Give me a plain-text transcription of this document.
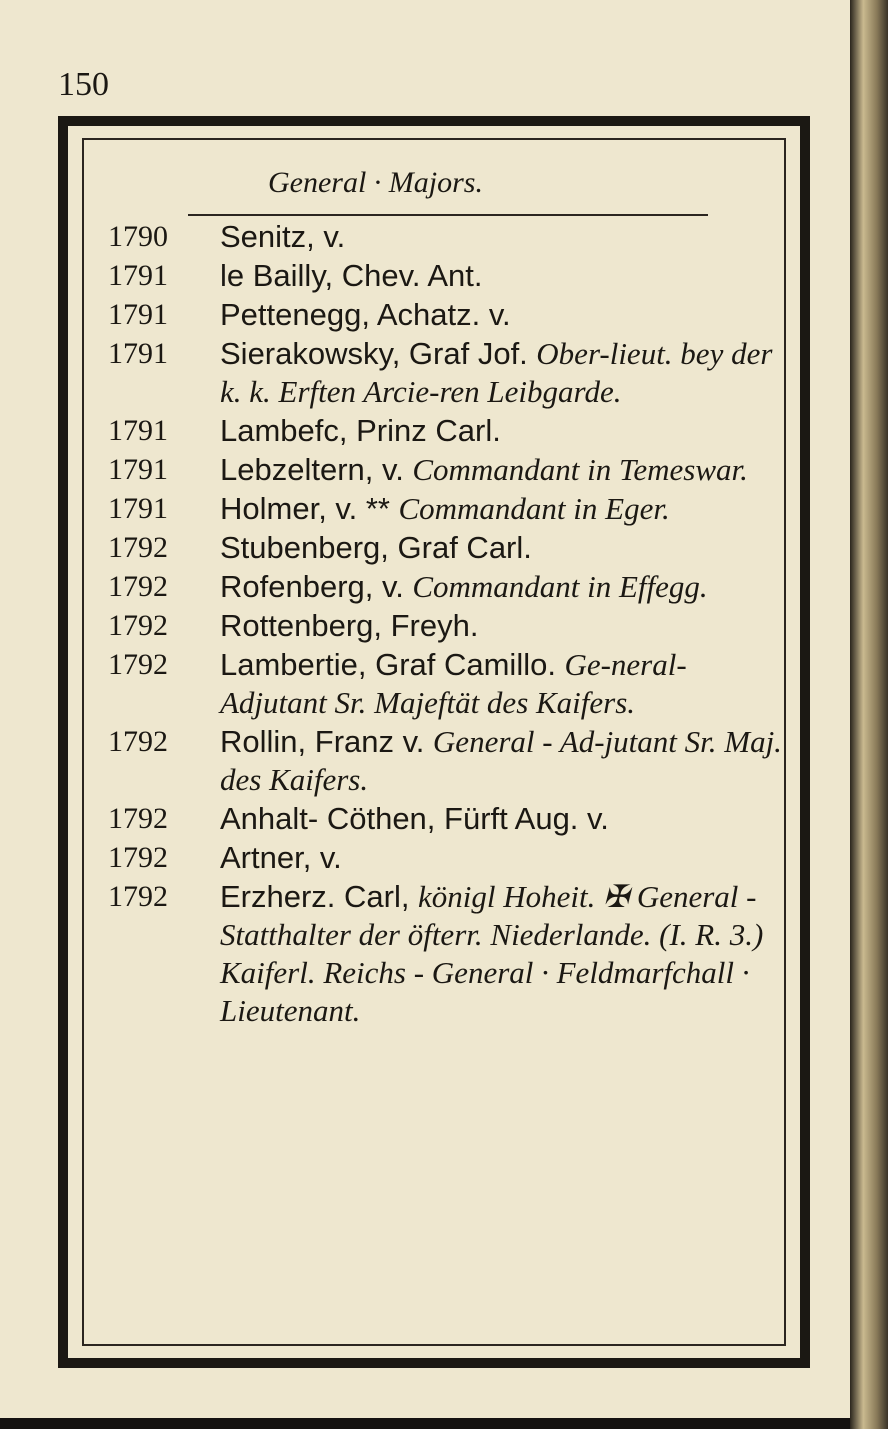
150
General · Majors.
1790	Senitz, v.
1791	le Bailly, Chev. Ant.
1791	Pettenegg, Achatz. v.
1791	Sierakowsky, Graf Jof. Ober-lieut. bey der k. k. Erften Arcie-ren Leibgarde.
1791	Lambefc, Prinz Carl.
1791	Lebzeltern, v. Commandant in Temeswar.
1791	Holmer, v. ** Commandant in Eger.
1792	Stubenberg, Graf Carl.
1792	Rofenberg, v. Commandant in Effegg.
1792	Rottenberg, Freyh.
1792	Lambertie, Graf Camillo. Ge-neral- Adjutant Sr. Majeftät des Kaifers.
1792	Rollin, Franz v. General - Ad-jutant Sr. Maj. des Kaifers.
1792	Anhalt- Cöthen, Fürft Aug. v.
1792	Artner, v.
1792	Erzherz. Carl, königl Hoheit. ✠ General - Statthalter der öfterr. Niederlande. (I. R. 3.) Kaiferl. Reichs - General · Feldmarfchall · Lieutenant.
